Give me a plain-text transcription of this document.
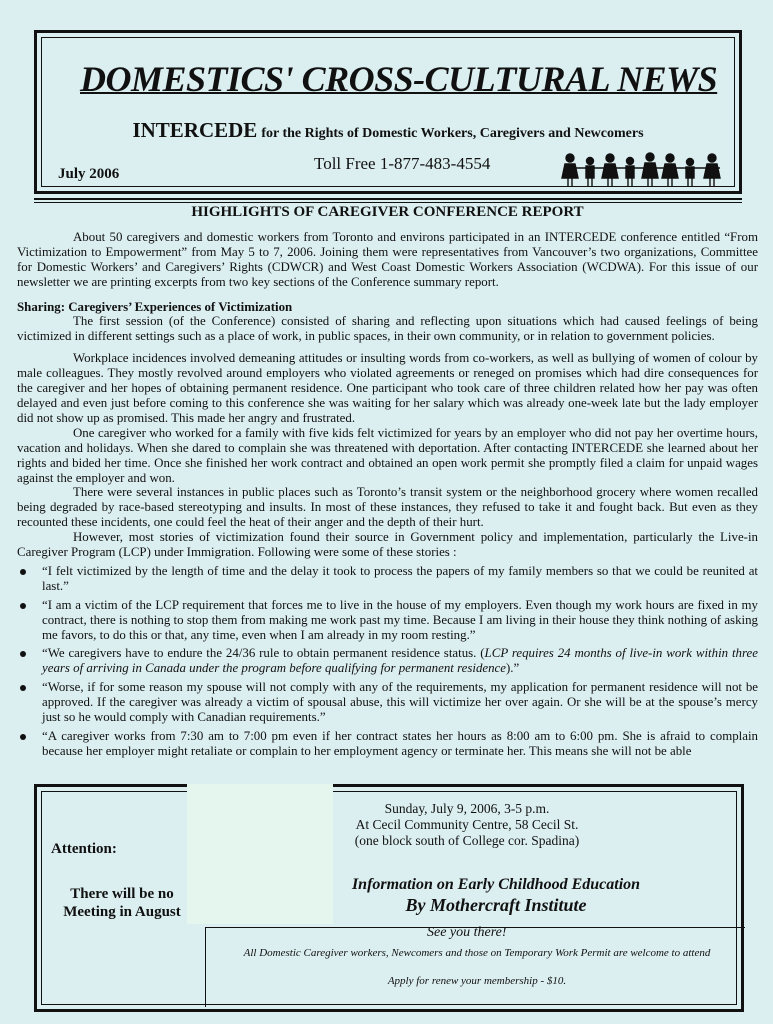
DOMESTICS' CROSS-CULTURAL NEWS
INTERCEDE for the Rights of Domestic Workers, Caregivers and Newcomers
July 2006
Toll Free 1-877-483-4554
HIGHLIGHTS OF CAREGIVER CONFERENCE REPORT

About 50 caregivers and domestic workers from Toronto and environs participated in an INTERCEDE conference entitled “From Victimization to Empowerment” from May 5 to 7, 2006. Joining them were representatives from Vancouver’s two organizations, Committee for Domestic Workers’ and Caregivers’ Rights (CDWCR) and West Coast Domestic Workers Association (WCDWA). For this issue of our newsletter we are printing excerpts from two key sections of the Conference summary report.

Sharing: Caregivers’ Experiences of Victimization

The first session (of the Conference) consisted of sharing and reflecting upon situations which had caused feelings of being victimized in different settings such as a place of work, in public spaces, in their own community, or in relation to government policies.

Workplace incidences involved demeaning attitudes or insulting words from co-workers, as well as bullying of women of colour by male colleagues. They mostly revolved around employers who violated agreements or reneged on promises which had dire consequences for the caregiver and her hopes of obtaining permanent residence. One participant who took care of three children related how her pay was often delayed and even just before coming to this conference she was waiting for her salary which was already one-week late but the lady employer did not show up as promised. This made her angry and frustrated.

One caregiver who worked for a family with five kids felt victimized for years by an employer who did not pay her overtime hours, vacation and holidays. When she dared to complain she was threatened with deportation. After contacting INTERCEDE she learned about her rights and bided her time. Once she finished her work contract and obtained an open work permit she promptly filed a claim for unpaid wages against the employer and won.

There were several instances in public places such as Toronto’s transit system or the neighborhood grocery where women recalled being degraded by race-based stereotyping and insults. In most of these instances, they refused to take it and fought back. But even as they recounted these incidents, one could feel the heat of their anger and the depth of their hurt.

However, most stories of victimization found their source in Government policy and implementation, particularly the Live-in Caregiver Program (LCP) under Immigration. Following were some of these stories :

“I felt victimized by the length of time and the delay it took to process the papers of my family members so that we could be reunited at last.”

“I am a victim of the LCP requirement that forces me to live in the house of my employers. Even though my work hours are fixed in my contract, there is nothing to stop them from making me work past my time. Because I am living in their house they think nothing of asking me favors, to do this or that, any time, even when I am already in my room resting.”

“We caregivers have to endure the 24/36 rule to obtain permanent residence status. (LCP requires 24 months of live-in work within three years of arriving in Canada under the program before qualifying for permanent residence).”

“Worse, if for some reason my spouse will not comply with any of the requirements, my application for permanent residence will not be approved. If the caregiver was already a victim of spousal abuse, this will victimize her over again. Or she will be at the spouse’s mercy just so he would comply with Canadian requirements.”

“A caregiver works from 7:30 am to 7:00 pm even if her contract states her hours as 8:00 am to 6:00 pm. She is afraid to complain because her employer might retaliate or complain to her employment agency or terminate her. This means she will not be able

Attention:
There will be no Meeting in August
Sunday, July 9, 2006, 3-5 p.m.
At Cecil Community Centre, 58 Cecil St.
(one block south of College cor. Spadina)
Information on Early Childhood Education
By Mothercraft Institute
See you there!
All Domestic Caregiver workers, Newcomers and those on Temporary Work Permit are welcome to attend
Apply for renew your membership - $10.
